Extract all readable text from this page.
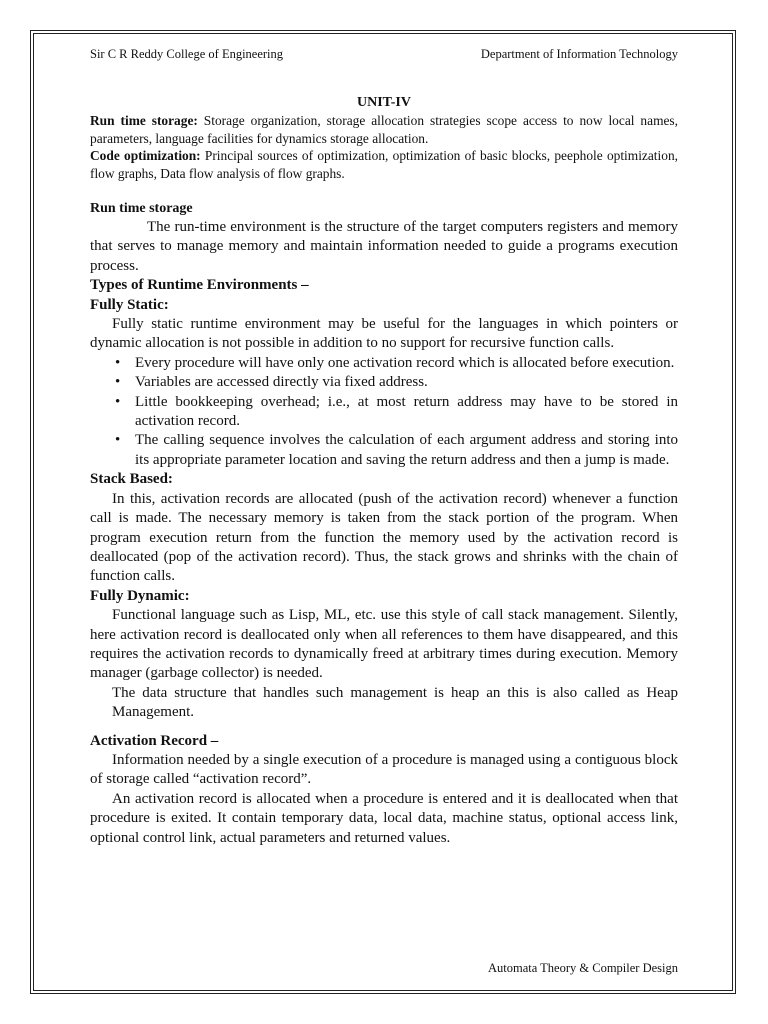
Sir C R Reddy College of Engineering	Department of Information Technology
UNIT-IV
Run time storage: Storage organization, storage allocation strategies scope access to now local names, parameters, language facilities for dynamics storage allocation.
Code optimization: Principal sources of optimization, optimization of basic blocks, peephole optimization, flow graphs, Data flow analysis of flow graphs.
Run time storage
The run-time environment is the structure of the target computers registers and memory that serves to manage memory and maintain information needed to guide a programs execution process.
Types of Runtime Environments –
Fully Static:
Fully static runtime environment may be useful for the languages in which pointers or dynamic allocation is not possible in addition to no support for recursive function calls.
• Every procedure will have only one activation record which is allocated before execution.
• Variables are accessed directly via fixed address.
• Little bookkeeping overhead; i.e., at most return address may have to be stored in activation record.
• The calling sequence involves the calculation of each argument address and storing into its appropriate parameter location and saving the return address and then a jump is made.
Stack Based:
In this, activation records are allocated (push of the activation record) whenever a function call is made. The necessary memory is taken from the stack portion of the program. When program execution return from the function the memory used by the activation record is deallocated (pop of the activation record). Thus, the stack grows and shrinks with the chain of function calls.
Fully Dynamic:
Functional language such as Lisp, ML, etc. use this style of call stack management. Silently, here activation record is deallocated only when all references to them have disappeared, and this requires the activation records to dynamically freed at arbitrary times during execution. Memory manager (garbage collector) is needed.
The data structure that handles such management is heap an this is also called as Heap Management.
Activation Record –
Information needed by a single execution of a procedure is managed using a contiguous block of storage called “activation record”.
An activation record is allocated when a procedure is entered and it is deallocated when that procedure is exited. It contain temporary data, local data, machine status, optional access link, optional control link, actual parameters and returned values.
Automata Theory & Compiler Design
